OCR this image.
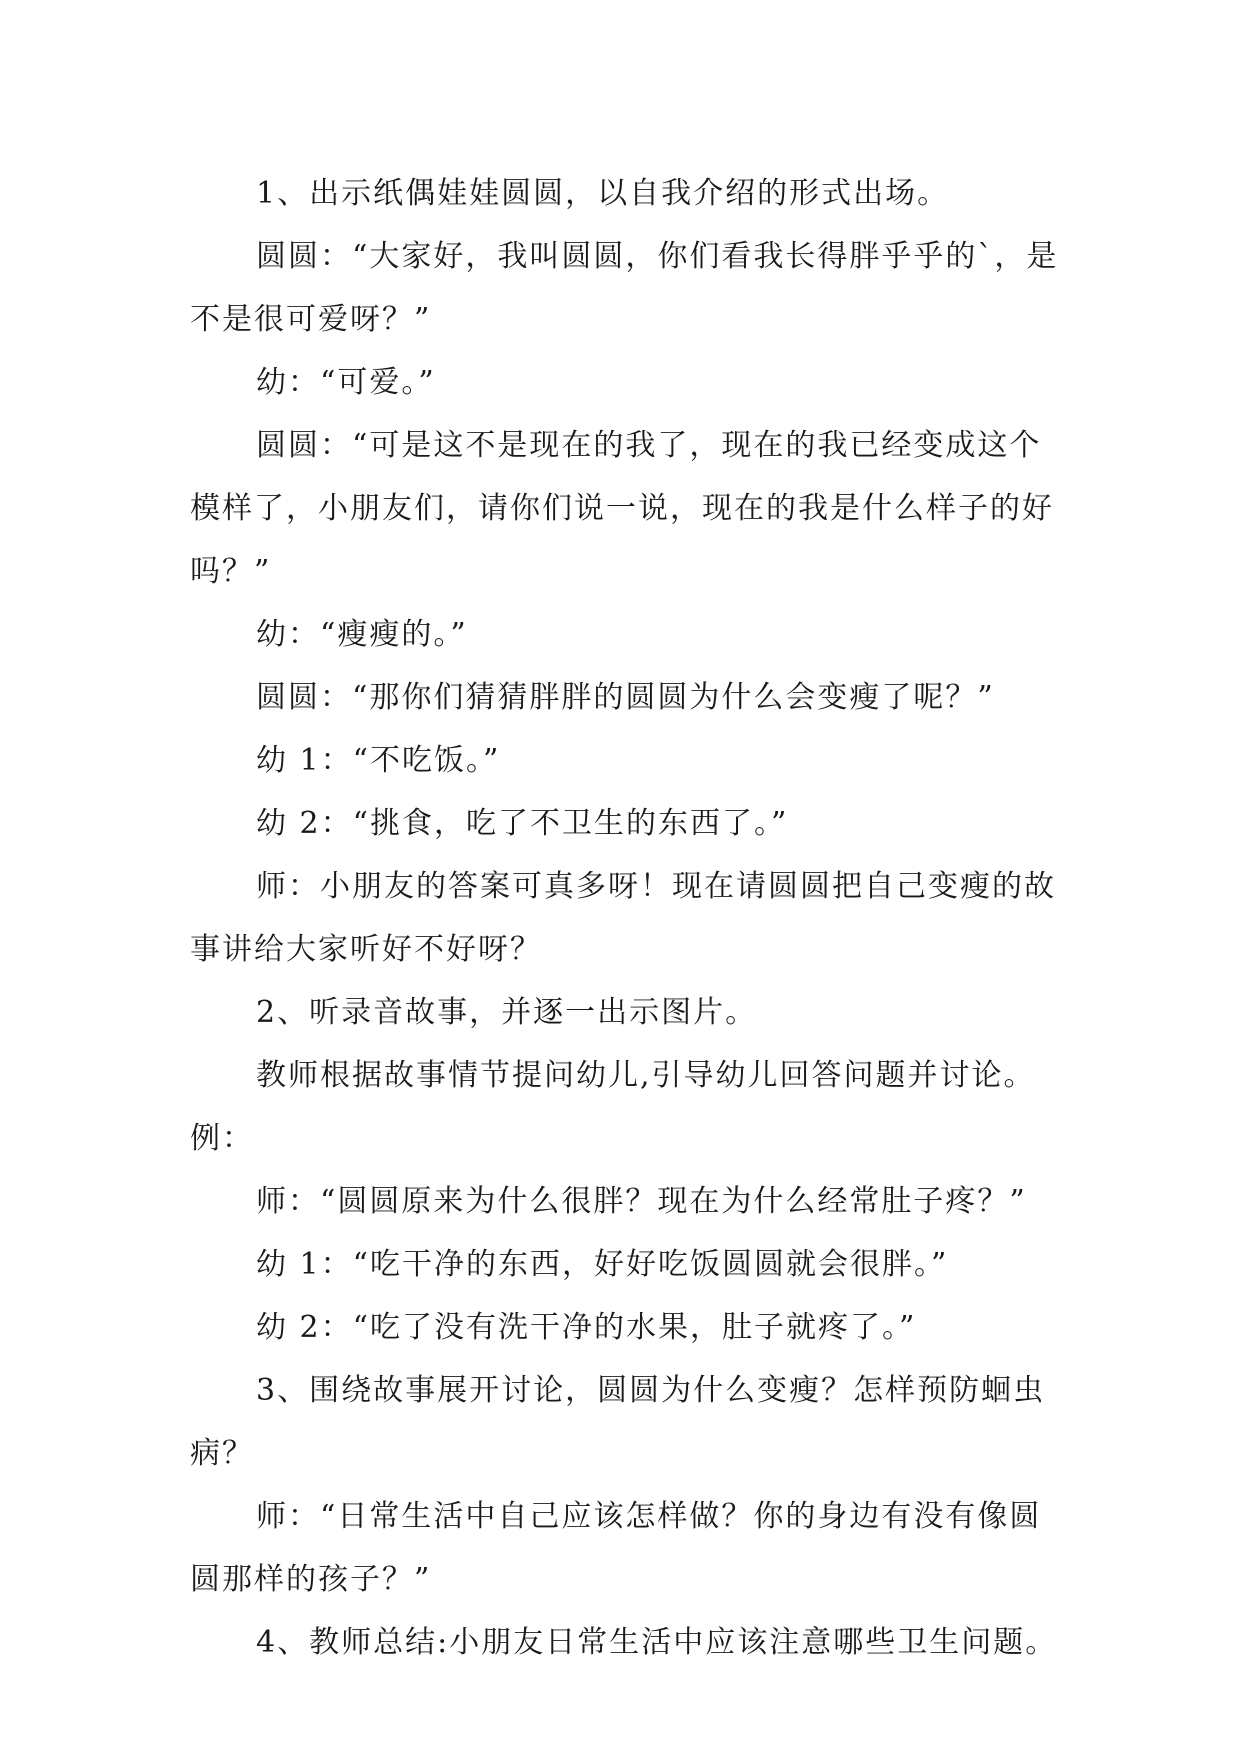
1、出示纸偶娃娃圆圆，以自我介绍的形式出场。

圆圆：“大家好，我叫圆圆，你们看我长得胖乎乎的`，是不是很可爱呀？”

幼：“可爱。”

圆圆：“可是这不是现在的我了，现在的我已经变成这个模样了，小朋友们，请你们说一说，现在的我是什么样子的好吗？”

幼：“瘦瘦的。”

圆圆：“那你们猜猜胖胖的圆圆为什么会变瘦了呢？”

幼 1：“不吃饭。”

幼 2：“挑食，吃了不卫生的东西了。”

师：小朋友的答案可真多呀！现在请圆圆把自己变瘦的故事讲给大家听好不好呀？

2、听录音故事，并逐一出示图片。

教师根据故事情节提问幼儿,引导幼儿回答问题并讨论。例：

师：“圆圆原来为什么很胖？现在为什么经常肚子疼？”

幼 1：“吃干净的东西，好好吃饭圆圆就会很胖。”

幼 2：“吃了没有洗干净的水果，肚子就疼了。”

3、围绕故事展开讨论，圆圆为什么变瘦？怎样预防蛔虫病？

师：“日常生活中自己应该怎样做？你的身边有没有像圆圆那样的孩子？”

4、教师总结:小朋友日常生活中应该注意哪些卫生问题。
